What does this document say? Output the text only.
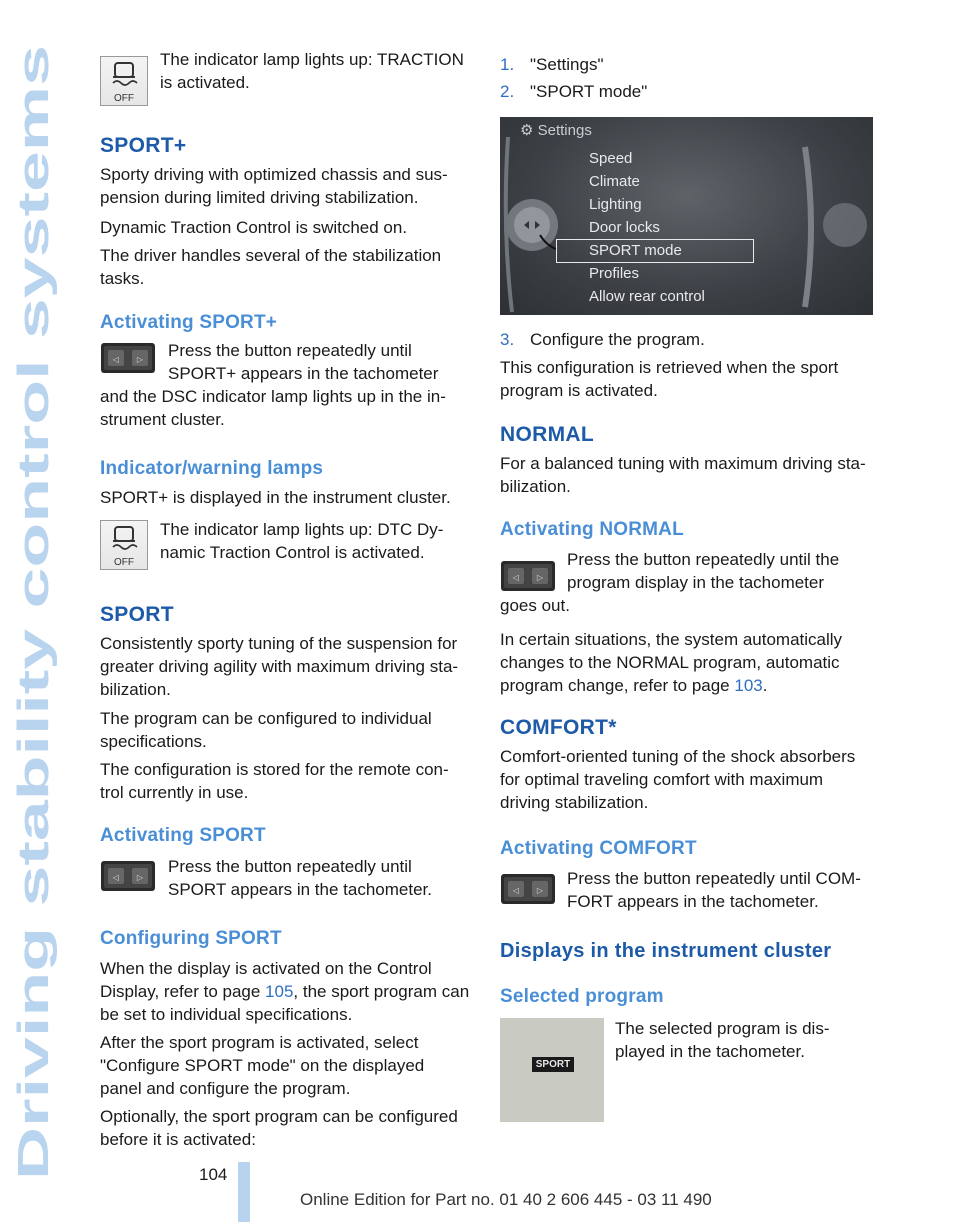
Driving stability control systems
OFF

The indicator lamp lights up: TRACTION is activated.

SPORT+

Sporty driving with optimized chassis and sus-pension during limited driving stabilization.

Dynamic Traction Control is switched on.

The driver handles several of the stabilization tasks.

Activating SPORT+
◁ ▷ Press the button repeatedly until

SPORT+ appears in the tachometer

and the DSC indicator lamp lights up in the in-strument cluster.

Indicator/warning lamps

SPORT+ is displayed in the instrument cluster.

OFF

The indicator lamp lights up: DTC Dy-namic Traction Control is activated.

SPORT

Consistently sporty tuning of the suspension for greater driving agility with maximum driving sta-bilization.

The program can be configured to individual specifications.

The configuration is stored for the remote con-trol currently in use.

Activating SPORT
◁ ▷

Press the button repeatedly until SPORT appears in the tachometer.

Configuring SPORT

When the display is activated on the Control Display, refer to page 105, the sport program can be set to individual specifications.

After the sport program is activated, select "Configure SPORT mode" on the displayed panel and configure the program.

Optionally, the sport program can be configured before it is activated:

1. "Settings"

2. "SPORT mode"

⚙ Settings
Speed
Climate
Lighting
Door locks
SPORT mode
Profiles
Allow rear control

3. Configure the program.

This configuration is retrieved when the sport program is activated.

NORMAL

For a balanced tuning with maximum driving sta-bilization.

Activating NORMAL
◁ ▷

Press the button repeatedly until the

program display in the tachometer

goes out.

In certain situations, the system automatically changes to the NORMAL program, automatic program change, refer to page 103.

COMFORT*

Comfort-oriented tuning of the shock absorbers for optimal traveling comfort with maximum driving stabilization.

Activating COMFORT
◁ ▷

Press the button repeatedly until COM-FORT appears in the tachometer.

Displays in the instrument cluster
Selected program

The selected program is dis-played in the tachometer.

SPORT
104
Online Edition for Part no. 01 40 2 606 445 - 03 11 490
